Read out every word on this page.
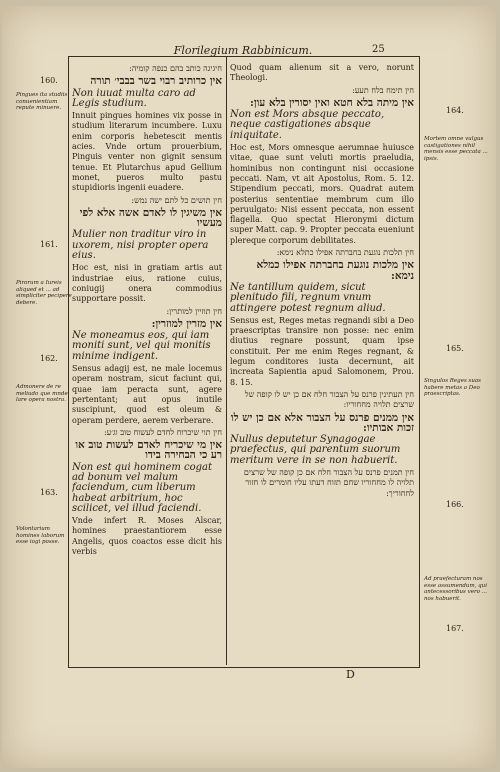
Florilegium Rabbinicum.	25
160.
Pingues ita studiis conuenientiam repute minuere.
161.
Pirorum a Iureis aliqued et ... ad simpliciter pecipere debere.
162.
Admonere de re meliudo que mnde lare opera nostra.
163.
Volontarium homines laborum esse iogi posse.
164.
Mortem omne vulgus castigationes nihil mensis esse peccata ... ipsis.
165.
Singulos Reges suas habere metas a Deo praescriptas.
166.
Ad praefecturam nos esse assumendum, qui antecessoribus vero ... nos habuerit.
167.
חיגיגה כותב בהם כנפה קומיה:
אין כרותיב רבוי בשר בבבי׳ תורה
Non iuuat multa caro ad Legis studium.
Innuit pingues homines vix posse in studium literarum incumbere. Luxu enim corporis hebetescit mentis acies. Vnde ortum prouerbium, Pinguis venter non gignit sensum tenue. Et Plutarchus apud Gellium monet, pueros multo pastu stupidioris ingenii euadere.
חין תושים כל לתם ישה נמש:
אין משיגין לו לאדם אשה אלא לפי מעשיו
Mulier non traditur viro in uxorem, nisi propter opera eius.
Hoc est, nisi in gratiam artis aut industriae eius, ratione cuius, coniugij onera commodius supportare possit.
חין תוזיין למותרין:
אין מזרין למוזרין:
Ne moneamus eos, qui iam moniti sunt, vel qui monitis minime indigent.
Sensus adagij est, ne male locemus operam nostram, sicut faciunt qui, quae iam peracta sunt, agere pertentant; aut opus inutile suscipiunt, quod est oleum & operam perdere, aerem verberare.
חין תוי שיכרוח לחדם לעשוח טוב וג׳ע:
אין מי שיכריח לאדם לעשות טוב או רע כי הבחירה בידו
Non est qui hominem cogat ad bonum vel malum faciendum, cum liberum habeat arbitrium, hoc scilicet, vel illud faciendi.
Vnde infert R. Moses Alscar, homines praestantiorem esse Angelis, quos coactos esse dicit his verbis
Quod quam alienum sit a vero, norunt Theologi.
חין תימח בלח תעע:
אין מיתה בלא חטא ואין יסורין בלא עון:
Non est Mors absque peccato, neque castigationes absque iniquitate.
Hoc est, Mors omnesque aerumnae huiusce vitae, quae sunt veluti mortis praeludia, hominibus non contingunt nisi occasione peccati. Nam, vt ait Apostolus, Rom. 5. 12. Stipendium peccati, mors. Quadrat autem posterius sententiae membrum cum illo peruulgato: Nisi essent peccata, non essent flagella. Quo spectat Hieronymi dictum super Matt. cap. 9. Propter peccata eueniunt plereque corporum debilitates.
חין תלכות נוגעת בחברתה אפילו כתלא נימא:
אין מלכות נוגעת בחברתה אפילו כמלא נימא:
Ne tantillum quidem, sicut plenitudo fili, regnum vnum attingere potest regnum aliud.
Sensus est, Reges metas regnandi sibi a Deo praescriptas transire non posse: nec enim diutius regnare possunt, quam ipse constituit. Per me enim Reges regnant, & legum conditores iusta decernunt, ait increata Sapientia apud Salomonem, Prou. 8. 15.
חין תעתינין פרנס על הצבור חלח אם כן יש לו קופה של שרצים תלויה מחחוריו:
אין ממנים פרנס על הצבור אלא אם כן יש לו זכות אבותיו:
Nullus deputetur Synagogae praefectus, qui parentum suorum meritum vere in se non habuerit.
חין תמנים פרנס על הצבור חלח אם כן קופה של שרצים תלויה לו מחחוריו שחם תזוח דעתו עליו חומרים לו חזור לחחוריך:
D
